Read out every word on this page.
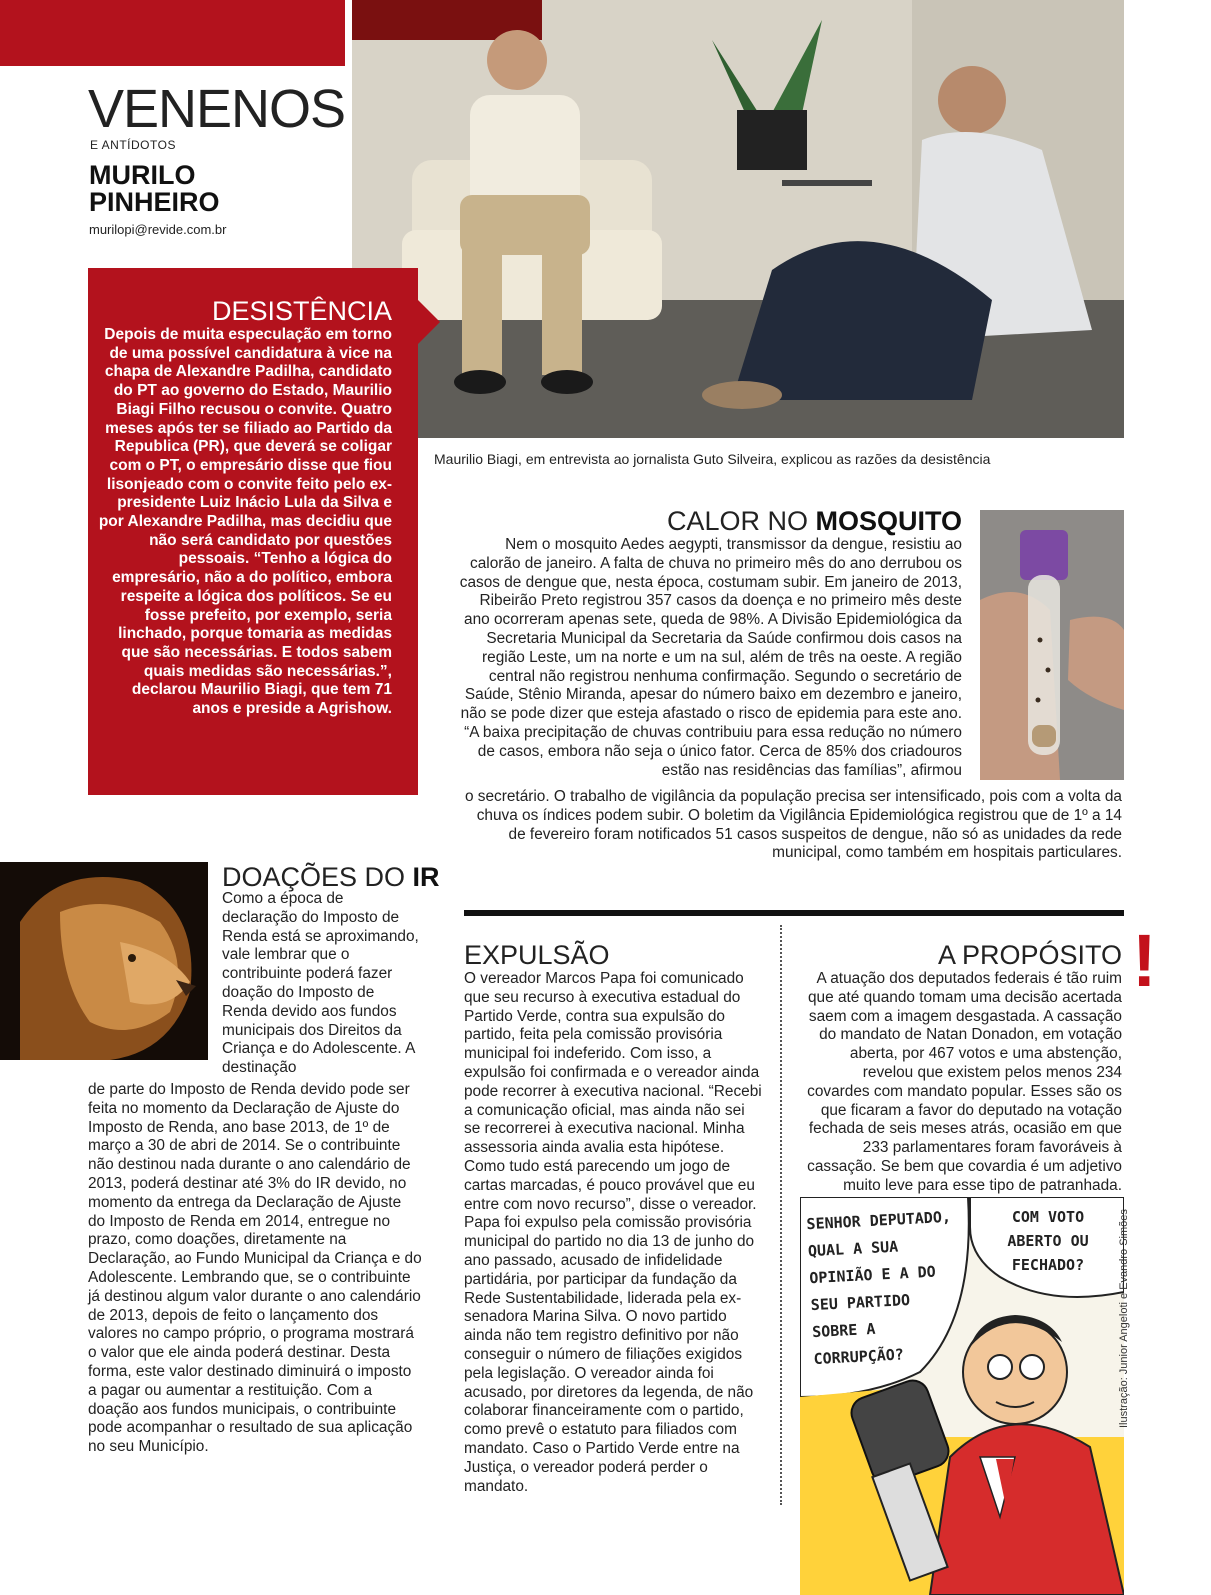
VENENOS
E ANTÍDOTOS
MURILO
PINHEIRO
murilopi@revide.com.br
Maurilio Biagi, em entrevista ao jornalista Guto Silveira, explicou as razões da desistência
DESISTÊNCIA
Depois de muita especulação em torno de uma possível candidatura à vice na chapa de Alexandre Padilha, candidato do PT ao governo do Estado, Maurilio Biagi Filho recusou o convite. Quatro meses após ter se filiado ao Partido da Republica (PR), que deverá se coligar com o PT, o empresário disse que fiou lisonjeado com o convite feito pelo ex-presidente Luiz Inácio Lula da Silva e por Alexandre Padilha, mas decidiu que não será candidato por questões pessoais. “Tenho a lógica do empresário, não a do político, embora respeite a lógica dos políticos. Se eu fosse prefeito, por exemplo, seria linchado, porque tomaria as medidas que são necessárias. E todos sabem quais medidas são necessárias.”, declarou Maurilio Biagi, que tem 71 anos e preside a Agrishow.
CALOR NO MOSQUITO
Nem o mosquito Aedes aegypti, transmissor da dengue, resistiu ao calorão de janeiro. A falta de chuva no primeiro mês do ano derrubou os casos de dengue que, nesta época, costumam subir. Em janeiro de 2013, Ribeirão Preto registrou 357 casos da doença e no primeiro mês deste ano ocorreram apenas sete, queda de 98%. A Divisão Epidemiológica da Secretaria Municipal da Secretaria da Saúde confirmou dois casos na região Leste, um na norte e um na sul, além de três na oeste. A região central não registrou nenhuma confirmação. Segundo o secretário de Saúde, Stênio Miranda, apesar do número baixo em dezembro e janeiro, não se pode dizer que esteja afastado o risco de epidemia para este ano. “A baixa precipitação de chuvas contribuiu para essa redução no número de casos, embora não seja o único fator. Cerca de 85% dos criadouros estão nas residências das famílias”, afirmou
o secretário. O trabalho de vigilância da população precisa ser intensificado, pois com a volta da chuva os índices podem subir. O boletim da Vigilância Epidemiológica registrou que de 1º a 14 de fevereiro foram notificados 51 casos suspeitos de dengue, não só as unidades da rede municipal, como também em hospitais particulares.
DOAÇÕES DO IR
Como a época de declaração do Imposto de Renda está se aproximando, vale lembrar que o contribuinte poderá fazer doação do Imposto de Renda devido aos fundos municipais dos Direitos da Criança e do Adolescente. A destinação
de parte do Imposto de Renda devido pode ser feita no momento da Declaração de Ajuste do Imposto de Renda, ano base 2013, de 1º de março a 30 de abri de 2014. Se o contribuinte não destinou nada durante o ano calendário de 2013, poderá destinar até 3% do IR devido, no momento da entrega da Declaração de Ajuste do Imposto de Renda em 2014, entregue no prazo, como doações, diretamente na Declaração, ao Fundo Municipal da Criança e do Adolescente. Lembrando que, se o contribuinte já destinou algum valor durante o ano calendário de 2013, depois de feito o lançamento dos valores no campo próprio, o programa mostrará o valor que ele ainda poderá destinar. Desta forma, este valor destinado diminuirá o imposto a pagar ou aumentar a restituição. Com a doação aos fundos municipais, o contribuinte pode acompanhar o resultado de sua aplicação no seu Município.
EXPULSÃO
O vereador Marcos Papa foi comunicado que seu recurso à executiva estadual do Partido Verde, contra sua expulsão do partido, feita pela comissão provisória municipal foi indeferido. Com isso, a expulsão foi confirmada e o vereador ainda pode recorrer à executiva nacional. “Recebi a comunicação oficial, mas ainda não sei se recorrerei à executiva nacional. Minha assessoria ainda avalia esta hipótese. Como tudo está parecendo um jogo de cartas marcadas, é pouco provável que eu entre com novo recurso”, disse o vereador. Papa foi expulso pela comissão provisória municipal do partido no dia 13 de junho do ano passado, acusado de infidelidade partidária, por participar da fundação da Rede Sustentabilidade, liderada pela ex-senadora Marina Silva. O novo partido ainda não tem registro definitivo por não conseguir o número de filiações exigidos pela legislação. O vereador ainda foi acusado, por diretores da legenda, de não colaborar financeiramente com o partido, como prevê o estatuto para filiados com mandato. Caso o Partido Verde entre na Justiça, o vereador poderá perder o mandato.
A PROPÓSITO !
A atuação dos deputados federais é tão ruim que até quando tomam uma decisão acertada saem com a imagem desgastada. A cassação do mandato de Natan Donadon, em votação aberta, por 467 votos e uma abstenção, revelou que existem pelos menos 234 covardes com mandato popular. Esses são os que ficaram a favor do deputado na votação fechada de seis meses atrás, ocasião em que 233 parlamentares foram favoráveis à cassação. Se bem que covardia é um adjetivo muito leve para esse tipo de patranhada.
SENHOR DEPUTADO,
QUAL A SUA
OPINIÃO E A DO
SEU PARTIDO
SOBRE A
CORRUPÇÃO?
COM VOTO
ABERTO OU
FECHADO?	Ilustração: Junior Angeloti e Evandro Simões
